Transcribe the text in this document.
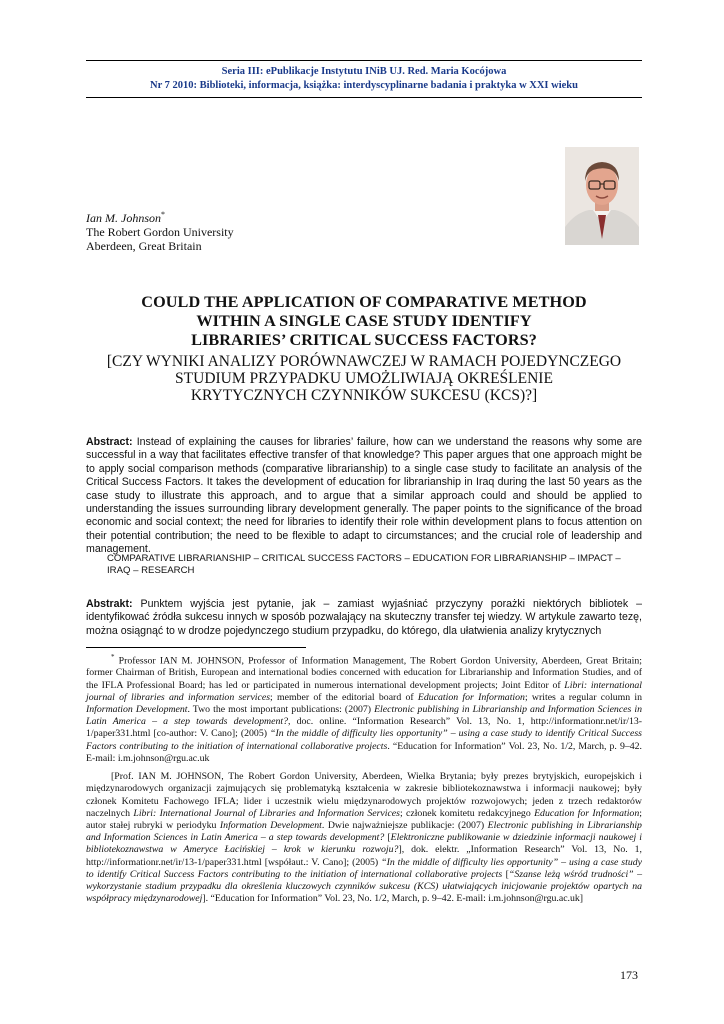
Seria III: ePublikacje Instytutu INiB UJ. Red. Maria Kocójowa
Nr 7 2010: Biblioteki, informacja, książka: interdyscyplinarne badania i praktyka w XXI wieku
Ian M. Johnson*
The Robert Gordon University
Aberdeen, Great Britain
COULD THE APPLICATION OF COMPARATIVE METHOD
WITHIN A SINGLE CASE STUDY IDENTIFY
LIBRARIES’ CRITICAL SUCCESS FACTORS?
[CZY WYNIKI ANALIZY PORÓWNAWCZEJ W RAMACH POJEDYNCZEGO
STUDIUM PRZYPADKU UMOŻLIWIAJĄ OKREŚLENIE
KRYTYCZNYCH CZYNNIKÓW SUKCESU (KCS)?]
Abstract: Instead of explaining the causes for libraries’ failure, how can we understand the reasons why some are successful in a way that facilitates effective transfer of that knowledge? This paper argues that one approach might be to apply social comparison methods (comparative librarianship) to a single case study to facilitate an analysis of the Critical Success Factors. It takes the development of education for librarianship in Iraq during the last 50 years as the case study to illustrate this approach, and to argue that a similar approach could and should be applied to understanding the issues surrounding library development generally. The paper points to the significance of the broad economic and social context; the need for libraries to identify their role within development plans to focus attention on their potential contribution; the need to be flexible to adapt to circumstances; and the crucial role of leadership and management.
COMPARATIVE LIBRARIANSHIP – CRITICAL SUCCESS FACTORS – EDUCATION FOR LIBRARIANSHIP – IMPACT – IRAQ – RESEARCH
Abstrakt: Punktem wyjścia jest pytanie, jak – zamiast wyjaśniać przyczyny porażki niektórych bibliotek – identyfikować źródła sukcesu innych w sposób pozwalający na skuteczny transfer tej wiedzy. W artykule zawarto tezę, można osiągnąć to w drodze pojedynczego studium przypadku, do którego, dla ułatwienia analizy krytycznych

* Professor IAN M. JOHNSON, Professor of Information Management, The Robert Gordon University, Aberdeen, Great Britain; former Chairman of British, European and international bodies concerned with education for Librarianship and Information Studies, and of the IFLA Professional Board; has led or participated in numerous international development projects; Joint Editor of Libri: international journal of libraries and information services; member of the editorial board of Education for Information; writes a regular column in Information Development. Two the most important publications: (2007) Electronic publishing in Librarianship and Information Sciences in Latin America – a step towards development?, doc. online. “Information Research” Vol. 13, No. 1, http://informationr.net/ir/13-1/paper331.html [co-author: V. Cano]; (2005) “In the middle of difficulty lies opportunity” – using a case study to identify Critical Success Factors contributing to the initiation of international collaborative projects. “Education for Information” Vol. 23, No. 1/2, March, p. 9–42. E-mail: i.m.johnson@rgu.ac.uk

[Prof. IAN M. JOHNSON, The Robert Gordon University, Aberdeen, Wielka Brytania; były prezes brytyjskich, europejskich i międzynarodowych organizacji zajmujących się problematyką kształcenia w zakresie bibliotekoznawstwa i informacji naukowej; były członek Komitetu Fachowego IFLA; lider i uczestnik wielu międzynarodowych projektów rozwojowych; jeden z trzech redaktorów naczelnych Libri: International Journal of Libraries and Information Services; członek komitetu redakcyjnego Education for Information; autor stałej rubryki w periodyku Information Development. Dwie najważniejsze publikacje: (2007) Electronic publishing in Librarianship and Information Sciences in Latin America – a step towards development? [Elektroniczne publikowanie w dziedzinie informacji naukowej i bibliotekoznawstwa w Ameryce Łacińskiej – krok w kierunku rozwoju?], dok. elektr. „Information Research” Vol. 13, No. 1, http://informationr.net/ir/13-1/paper331.html [współaut.: V. Cano]; (2005) “In the middle of difficulty lies opportunity” – using a case study to identify Critical Success Factors contributing to the initiation of international collaborative projects [“Szanse leżą wśród trudności” – wykorzystanie stadium przypadku dla określenia kluczowych czynników sukcesu (KCS) ułatwiających inicjowanie projektów opartych na współpracy międzynarodowej]. “Education for Information” Vol. 23, No. 1/2, March, p. 9–42. E-mail: i.m.johnson@rgu.ac.uk]

173
